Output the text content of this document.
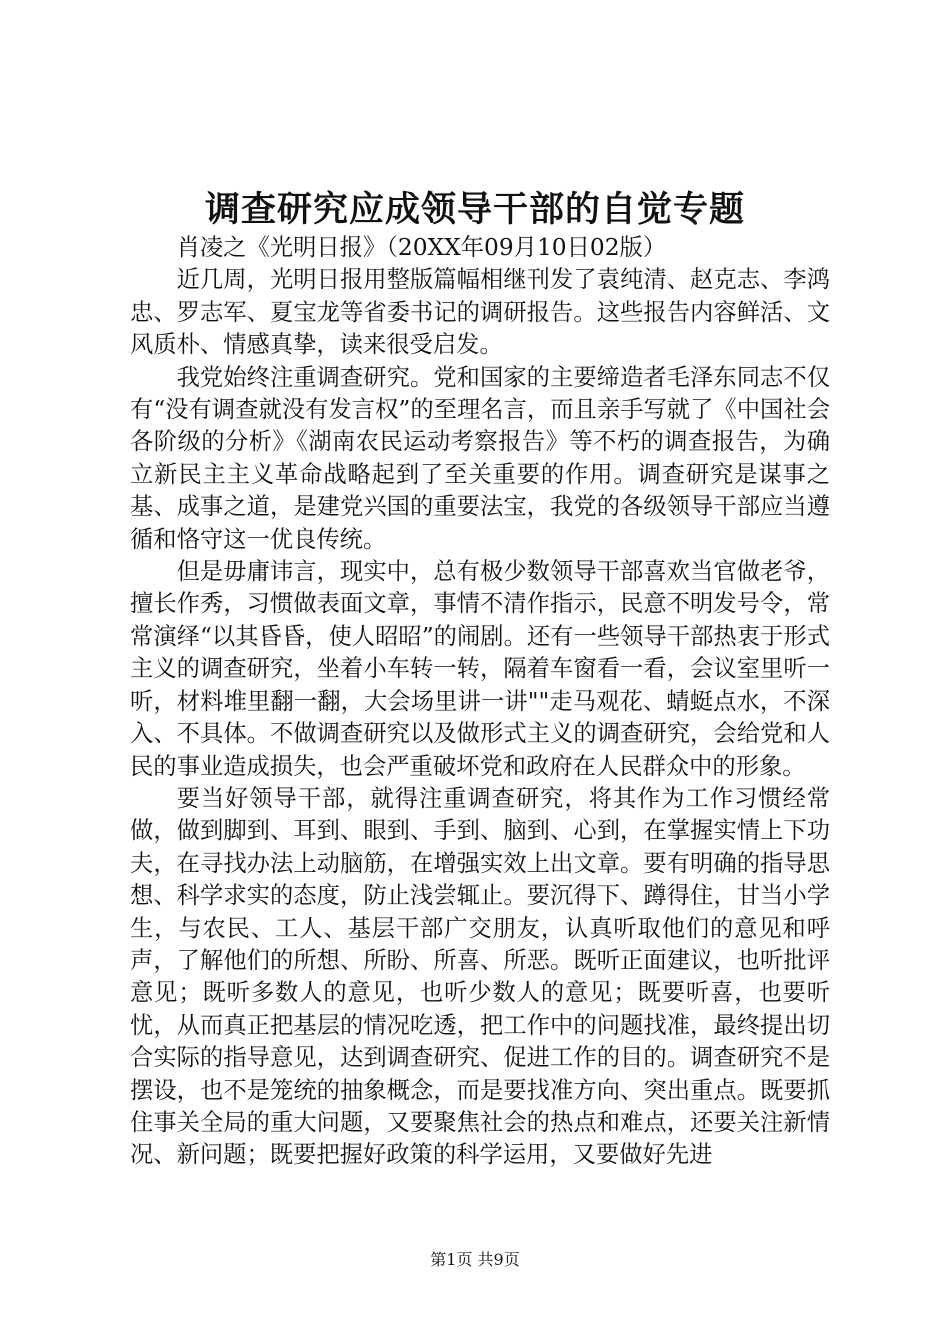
调查研究应成领导干部的自觉专题

肖凌之《光明日报》（20XX年09月10日02版）

近几周，光明日报用整版篇幅相继刊发了袁纯清、赵克志、李鸿忠、罗志军、夏宝龙等省委书记的调研报告。这些报告内容鲜活、文风质朴、情感真挚，读来很受启发。

我党始终注重调查研究。党和国家的主要缔造者毛泽东同志不仅有“没有调查就没有发言权”的至理名言，而且亲手写就了《中国社会各阶级的分析》《湖南农民运动考察报告》等不朽的调查报告，为确立新民主主义革命战略起到了至关重要的作用。调查研究是谋事之基、成事之道，是建党兴国的重要法宝，我党的各级领导干部应当遵循和恪守这一优良传统。

但是毋庸讳言，现实中，总有极少数领导干部喜欢当官做老爷，擅长作秀，习惯做表面文章，事情不清作指示，民意不明发号令，常常演绎“以其昏昏，使人昭昭”的闹剧。还有一些领导干部热衷于形式主义的调查研究，坐着小车转一转，隔着车窗看一看，会议室里听一听，材料堆里翻一翻，大会场里讲一讲""走马观花、蜻蜓点水，不深入、不具体。不做调查研究以及做形式主义的调查研究，会给党和人民的事业造成损失，也会严重破坏党和政府在人民群众中的形象。

要当好领导干部，就得注重调查研究，将其作为工作习惯经常做，做到脚到、耳到、眼到、手到、脑到、心到，在掌握实情上下功夫，在寻找办法上动脑筋，在增强实效上出文章。要有明确的指导思想、科学求实的态度，防止浅尝辄止。要沉得下、蹲得住，甘当小学生，与农民、工人、基层干部广交朋友，认真听取他们的意见和呼声，了解他们的所想、所盼、所喜、所恶。既听正面建议，也听批评意见；既听多数人的意见，也听少数人的意见；既要听喜，也要听忧，从而真正把基层的情况吃透，把工作中的问题找准，最终提出切合实际的指导意见，达到调查研究、促进工作的目的。调查研究不是摆设，也不是笼统的抽象概念，而是要找准方向、突出重点。既要抓住事关全局的重大问题，又要聚焦社会的热点和难点，还要关注新情况、新问题；既要把握好政策的科学运用，又要做好先进

第1页 共9页
